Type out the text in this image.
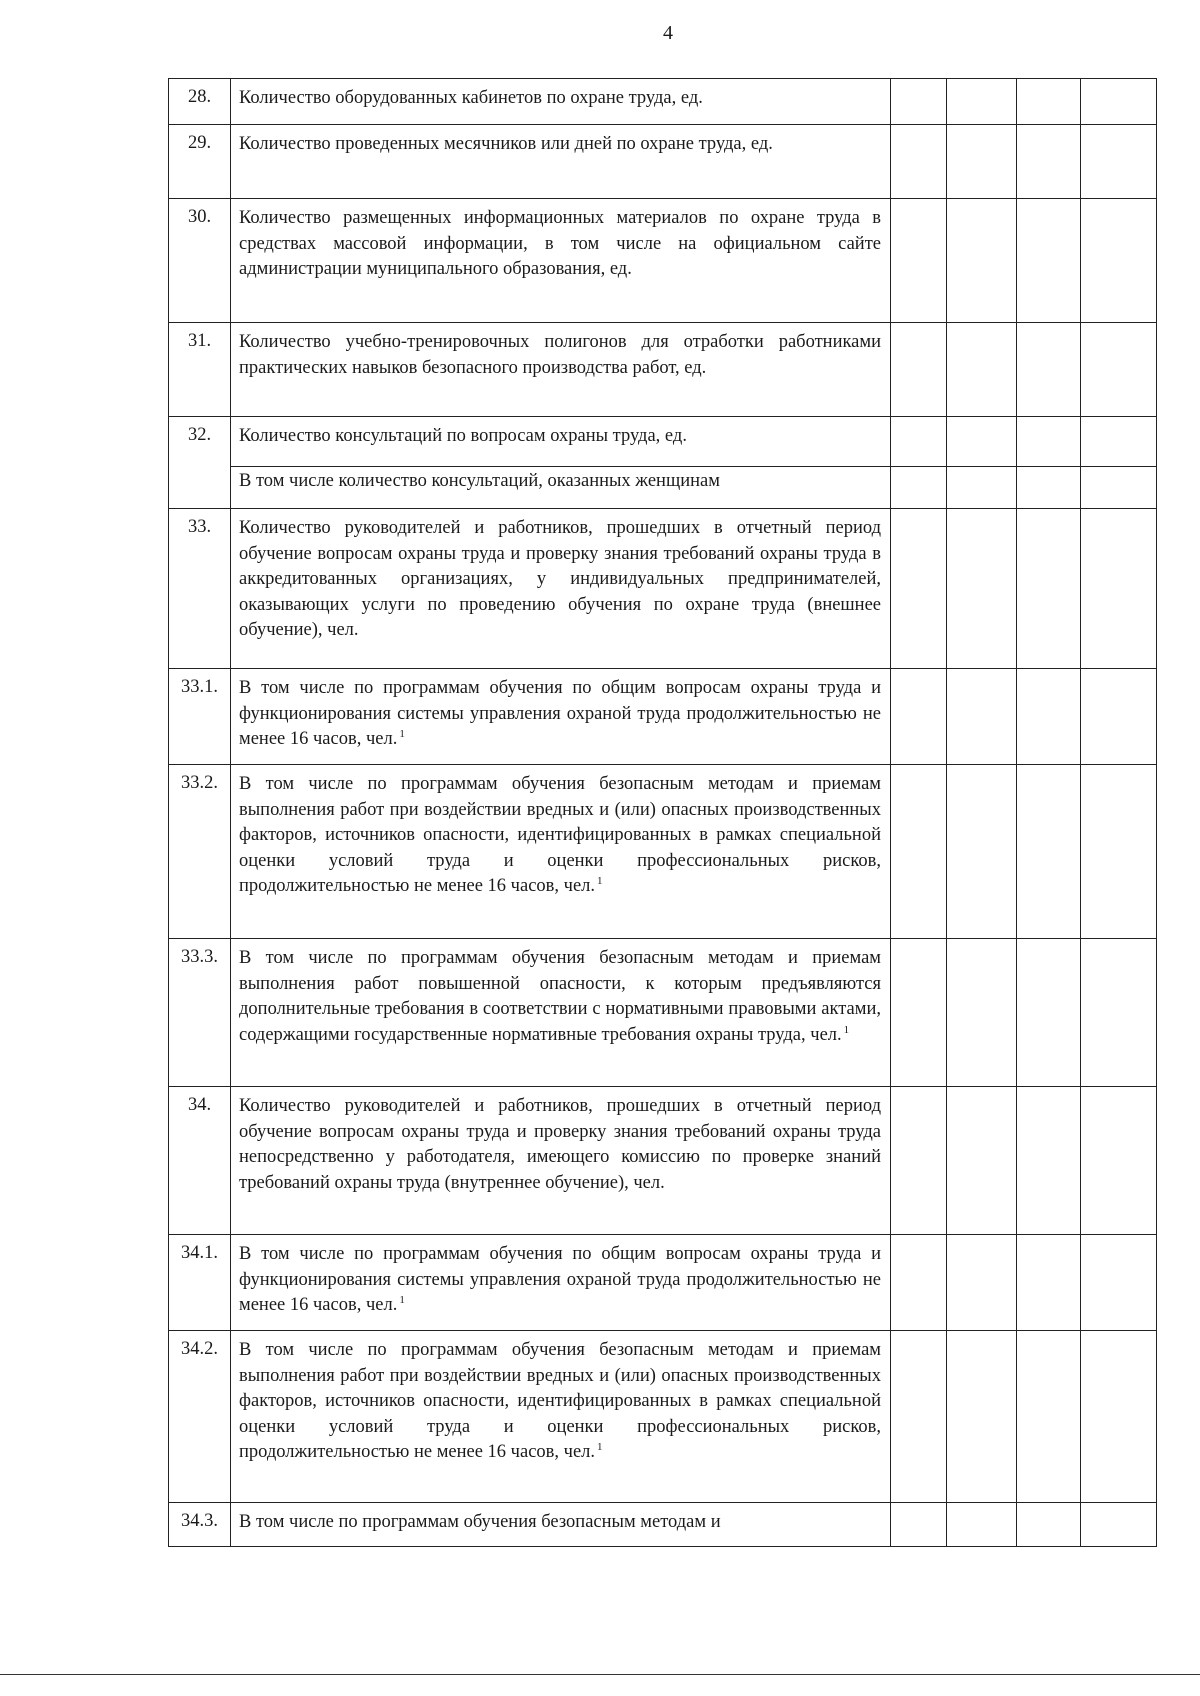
4
28.	Количество оборудованных кабинетов по охране труда, ед.				
29.	Количество проведенных месячников или дней по охране труда, ед.				
30.	Количество размещенных информационных материалов по охране труда в средствах массовой информации, в том числе на официальном сайте администрации муниципального образования, ед.				
31.	Количество учебно-тренировочных полигонов для отработки работниками практических навыков безопасного производства работ, ед.				
32.	Количество консультаций по вопросам охраны труда, ед.				
	В том числе количество консультаций, оказанных женщинам				
33.	Количество руководителей и работников, прошедших в отчетный период обучение вопросам охраны труда и проверку знания требований охраны труда в аккредитованных организациях, у индивидуальных предпринимателей, оказывающих услуги по проведению обучения по охране труда (внешнее обучение), чел.				
33.1.	В том числе по программам обучения по общим вопросам охраны труда и функционирования системы управления охраной труда продолжительностью не менее 16 часов, чел. $^1$				
33.2.	В том числе по программам обучения безопасным методам и приемам выполнения работ при воздействии вредных и (или) опасных производственных факторов, источников опасности, идентифицированных в рамках специальной оценки условий труда и оценки профессиональных рисков, продолжительностью не менее 16 часов, чел. $^1$				
33.3.	В том числе по программам обучения безопасным методам и приемам выполнения работ повышенной опасности, к которым предъявляются дополнительные требования в соответствии с нормативными правовыми актами, содержащими государственные нормативные требования охраны труда, чел. $^1$				
34.	Количество руководителей и работников, прошедших в отчетный период обучение вопросам охраны труда и проверку знания требований охраны труда непосредственно у работодателя, имеющего комиссию по проверке знаний требований охраны труда (внутреннее обучение), чел.				
34.1.	В том числе по программам обучения по общим вопросам охраны труда и функционирования системы управления охраной труда продолжительностью не менее 16 часов, чел. $^1$				
34.2.	В том числе по программам обучения безопасным методам и приемам выполнения работ при воздействии вредных и (или) опасных производственных факторов, источников опасности, идентифицированных в рамках специальной оценки условий труда и оценки профессиональных рисков, продолжительностью не менее 16 часов, чел. $^1$				
34.3.	В том числе по программам обучения безопасным методам и				
